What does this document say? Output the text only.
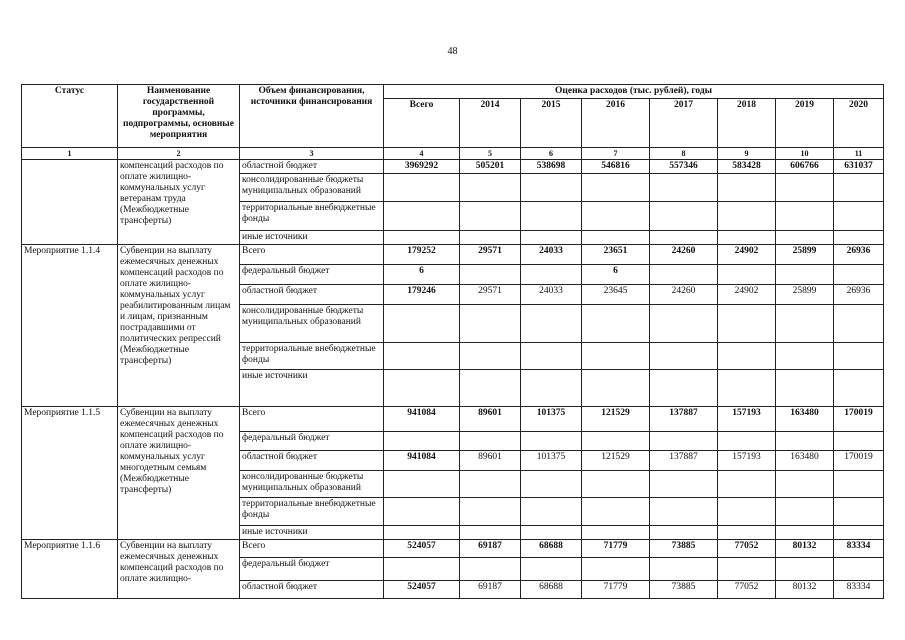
48
Статус	Наименование государственной программы, подпрограммы, основные мероприятия	Объем финансирования, источники финансирования	Оценка расходов (тыс. рублей), годы							
			Всего	2014	2015	2016	2017	2018	2019	2020
1	2	3	4	5	6	7	8	9	10	11
	компенсаций расходов по оплате жилищно-коммунальных услуг ветеранам труда (Межбюджетные трансферты)	областной бюджет	3969292	505201	538698	546816	557346	583428	606766	631037
		консолидированные бюджеты муниципальных образований								
		территориальные внебюджетные фонды								
		иные источники								
Мероприятие 1.1.4	Субвенции на выплату ежемесячных денежных компенсаций расходов по оплате жилищно-коммунальных услуг реабилитированным лицам и лицам, признанным пострадавшими от политических репрессий (Межбюджетные трансферты)	Всего	179252	29571	24033	23651	24260	24902	25899	26936
		федеральный бюджет	6			6				
		областной бюджет	179246	29571	24033	23645	24260	24902	25899	26936
		консолидированные бюджеты муниципальных образований								
		территориальные внебюджетные фонды								
		иные источники								
Мероприятие 1.1.5	Субвенции на выплату ежемесячных денежных компенсаций расходов по оплате жилищно-коммунальных услуг многодетным семьям (Межбюджетные трансферты)	Всего	941084	89601	101375	121529	137887	157193	163480	170019
		федеральный бюджет								
		областной бюджет	941084	89601	101375	121529	137887	157193	163480	170019
		консолидированные бюджеты муниципальных образований								
		территориальные внебюджетные фонды								
		иные источники								
Мероприятие 1.1.6	Субвенции на выплату ежемесячных денежных компенсаций расходов по оплате жилищно-	Всего	524057	69187	68688	71779	73885	77052	80132	83334
		федеральный бюджет								
		областной бюджет	524057	69187	68688	71779	73885	77052	80132	83334
